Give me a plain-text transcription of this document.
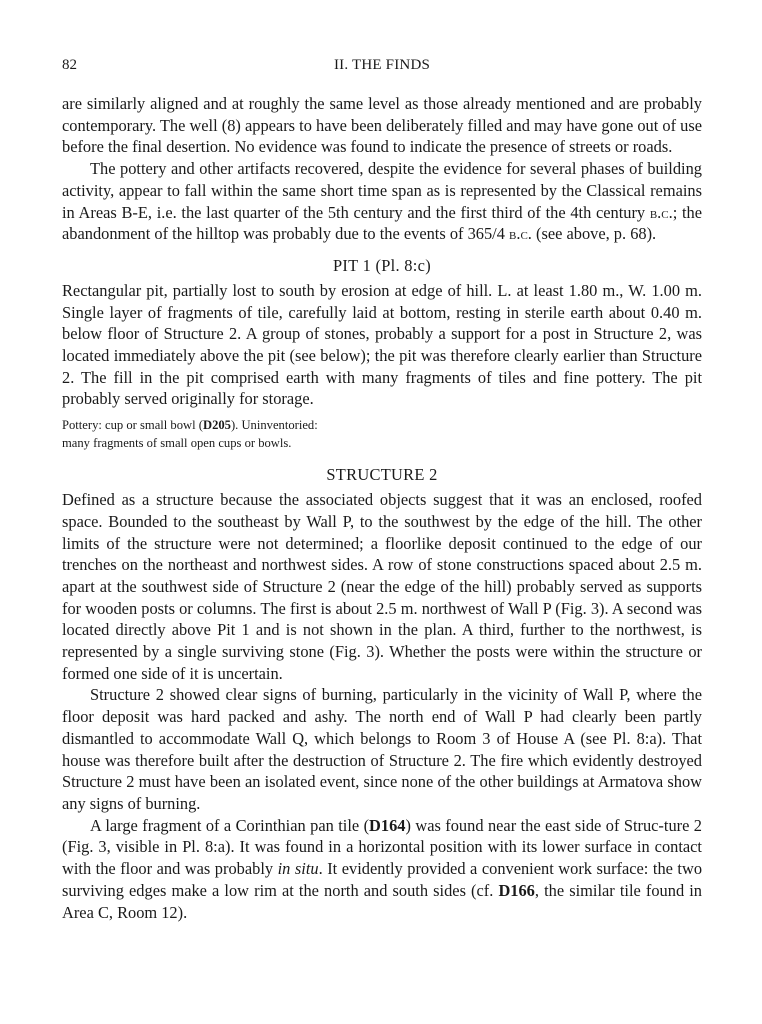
82	II. THE FINDS

are similarly aligned and at roughly the same level as those already mentioned and are probably contemporary. The well (8) appears to have been deliberately filled and may have gone out of use before the final desertion. No evidence was found to indicate the presence of streets or roads.

The pottery and other artifacts recovered, despite the evidence for several phases of building activity, appear to fall within the same short time span as is represented by the Classical remains in Areas B-E, i.e. the last quarter of the 5th century and the first third of the 4th century b.c.; the abandonment of the hilltop was probably due to the events of 365/4 b.c. (see above, p. 68).

PIT 1 (Pl. 8:c)

Rectangular pit, partially lost to south by erosion at edge of hill. L. at least 1.80 m., W. 1.00 m. Single layer of fragments of tile, carefully laid at bottom, resting in sterile earth about 0.40 m. below floor of Structure 2. A group of stones, probably a support for a post in Structure 2, was located immediately above the pit (see below); the pit was therefore clearly earlier than Structure 2. The fill in the pit comprised earth with many fragments of tiles and fine pottery. The pit probably served originally for storage.

Pottery: cup or small bowl (D205). Uninventoried:
many fragments of small open cups or bowls.
STRUCTURE 2

Defined as a structure because the associated objects suggest that it was an enclosed, roofed space. Bounded to the southeast by Wall P, to the southwest by the edge of the hill. The other limits of the structure were not determined; a floorlike deposit continued to the edge of our trenches on the northeast and northwest sides. A row of stone constructions spaced about 2.5 m. apart at the southwest side of Structure 2 (near the edge of the hill) probably served as supports for wooden posts or columns. The first is about 2.5 m. northwest of Wall P (Fig. 3). A second was located directly above Pit 1 and is not shown in the plan. A third, further to the northwest, is represented by a single surviving stone (Fig. 3). Whether the posts were within the structure or formed one side of it is uncertain.

Structure 2 showed clear signs of burning, particularly in the vicinity of Wall P, where the floor deposit was hard packed and ashy. The north end of Wall P had clearly been partly dismantled to accommodate Wall Q, which belongs to Room 3 of House A (see Pl. 8:a). That house was therefore built after the destruction of Structure 2. The fire which evidently destroyed Structure 2 must have been an isolated event, since none of the other buildings at Armatova show any signs of burning.

A large fragment of a Corinthian pan tile (D164) was found near the east side of Struc-ture 2 (Fig. 3, visible in Pl. 8:a). It was found in a horizontal position with its lower surface in contact with the floor and was probably in situ. It evidently provided a convenient work surface: the two surviving edges make a low rim at the north and south sides (cf. D166, the similar tile found in Area C, Room 12).
